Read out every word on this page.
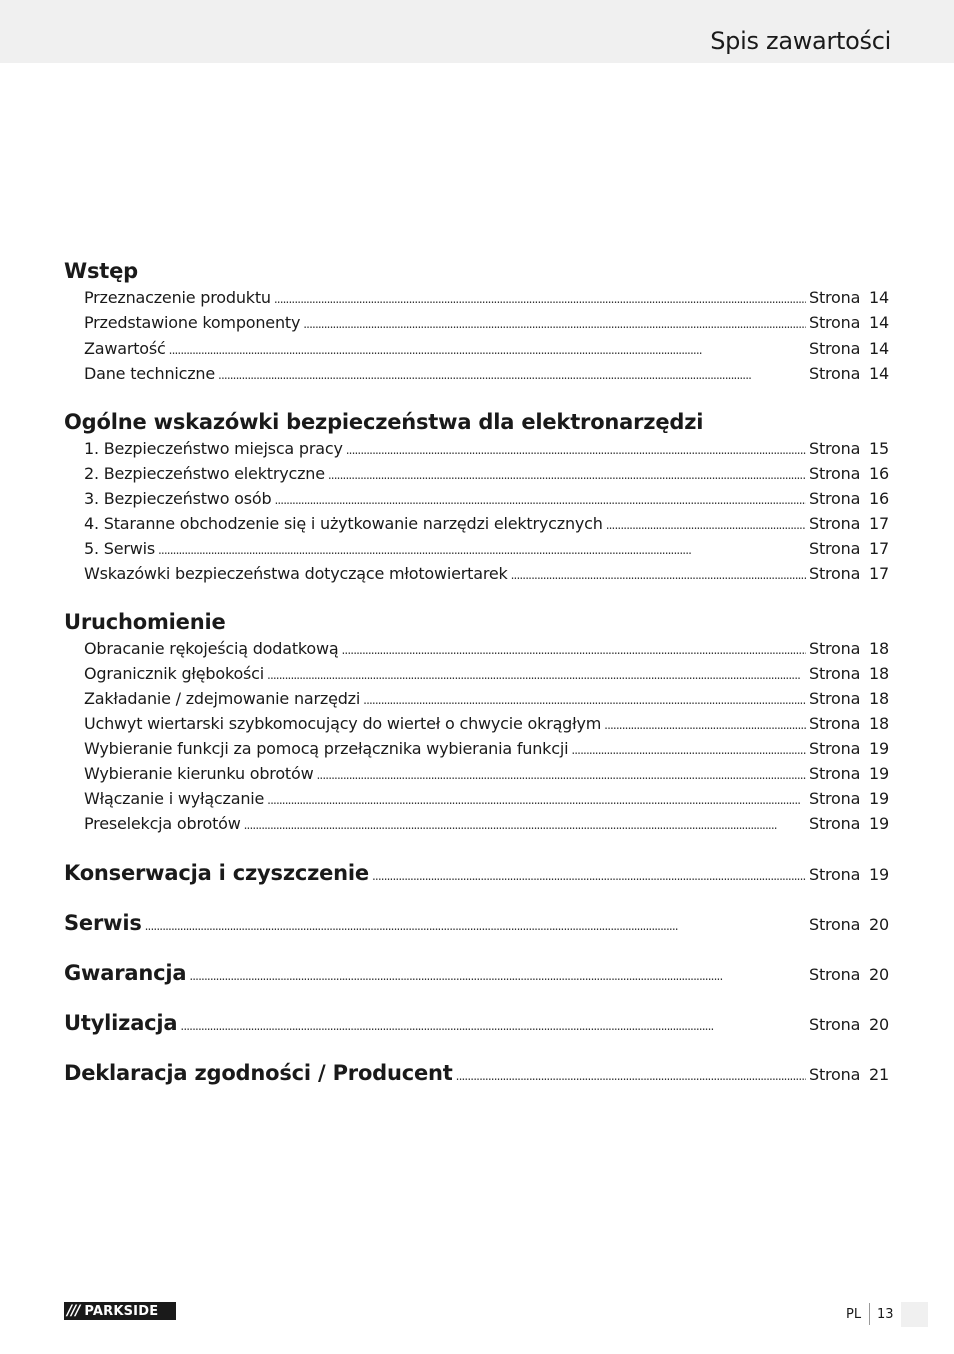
Spis zawartości
Wstęp
Przeznaczenie produktu . . .	Strona 14
Przedstawione komponenty . . .	Strona 14
Zawartość . . .	Strona 14
Dane techniczne . . .	Strona 14
Ogólne wskazówki bezpieczeństwa dla elektronarzędzi
1. Bezpieczeństwo miejsca pracy . . .	Strona 15
2. Bezpieczeństwo elektryczne . . .	Strona 16
3. Bezpieczeństwo osób . . .	Strona 16
4. Staranne obchodzenie się i użytkowanie narzędzi elektrycznych . . .	Strona 17
5. Serwis . . .	Strona 17
Wskazówki bezpieczeństwa dotyczące młotowiertarek . . .	Strona 17
Uruchomienie
Obracanie rękojeścią dodatkową . . .	Strona 18
Ogranicznik głębokości . . .	Strona 18
Zakładanie / zdejmowanie narzędzi . . .	Strona 18
Uchwyt wiertarski szybkomocujący do wierteł o chwycie okrągłym . . .	Strona 18
Wybieranie funkcji za pomocą przełącznika wybierania funkcji . . .	Strona 19
Wybieranie kierunku obrotów . . .	Strona 19
Włączanie i wyłączanie . . .	Strona 19
Preselekcja obrotów . . .	Strona 19
Konserwacja i czyszczenie . . .	Strona 19
Serwis . . .	Strona 20
Gwarancja . . .	Strona 20
Utylizacja . . .	Strona 20
Deklaracja zgodności / Producent . . .	Strona 21
/// PARKSIDE	PL 13
